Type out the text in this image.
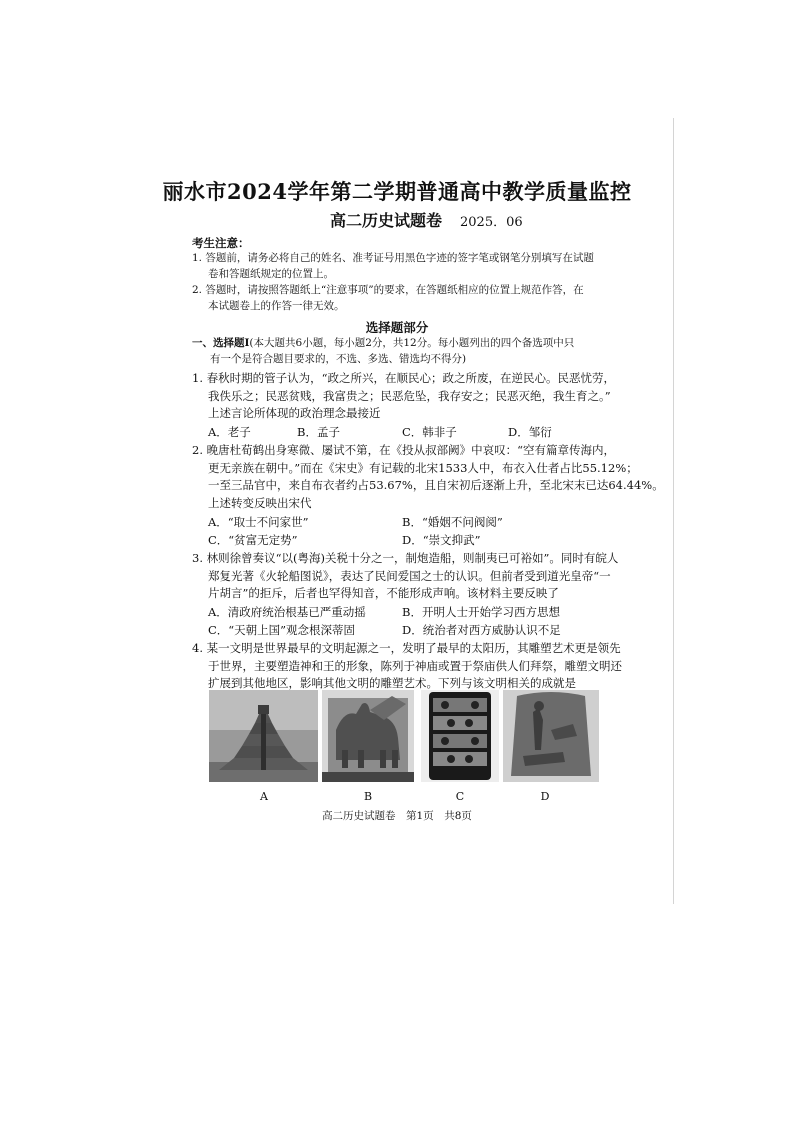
丽水市2024学年第二学期普通高中教学质量监控
高二历史试题卷 2025．06
考生注意：
1. 答题前，请务必将自己的姓名、准考证号用黑色字迹的签字笔或钢笔分别填写在试题
卷和答题纸规定的位置上。
2. 答题时，请按照答题纸上“注意事项”的要求，在答题纸相应的位置上规范作答，在
本试题卷上的作答一律无效。
选择题部分
一、选择题Ⅰ(本大题共6小题，每小题2分，共12分。每小题列出的四个备选项中只
有一个是符合题目要求的，不选、多选、错选均不得分)
1. 春秋时期的管子认为，“政之所兴，在顺民心；政之所废，在逆民心。民恶忧劳，
我佚乐之；民恶贫贱，我富贵之；民恶危坠，我存安之；民恶灭绝，我生育之。”
上述言论所体现的政治理念最接近
A．老子	B．孟子	C．韩非子	D．邹衍
2. 晚唐杜荀鹤出身寒微、屡试不第，在《投从叔部阙》中哀叹：“空有篇章传海内，
更无亲族在朝中。”而在《宋史》有记载的北宋1533人中，布衣入仕者占比55.12%；
一至三品官中，来自布衣者约占53.67%，且自宋初后逐渐上升，至北宋末已达64.44%。
上述转变反映出宋代
A．“取士不问家世”	B．“婚姻不问阀阅”
C．“贫富无定势”	D．“崇文抑武”
3. 林则徐曾奏议“以(粤海)关税十分之一，制炮造船，则制夷已可裕如”。同时有皖人
郑复光著《火轮船图说》，表达了民间爱国之士的认识。但前者受到道光皇帝“一
片胡言”的拒斥，后者也罕得知音，不能形成声响。该材料主要反映了
A．清政府统治根基已严重动摇	B．开明人士开始学习西方思想
C．“天朝上国”观念根深蒂固	D．统治者对西方威胁认识不足
4. 某一文明是世界最早的文明起源之一，发明了最早的太阳历，其雕塑艺术更是领先
于世界，主要塑造神和王的形象，陈列于神庙或置于祭庙供人们拜祭，雕塑文明还
扩展到其他地区，影响其他文明的雕塑艺术。下列与该文明相关的成就是
A	B	C	D
高二历史试题卷　第1页　共8页
